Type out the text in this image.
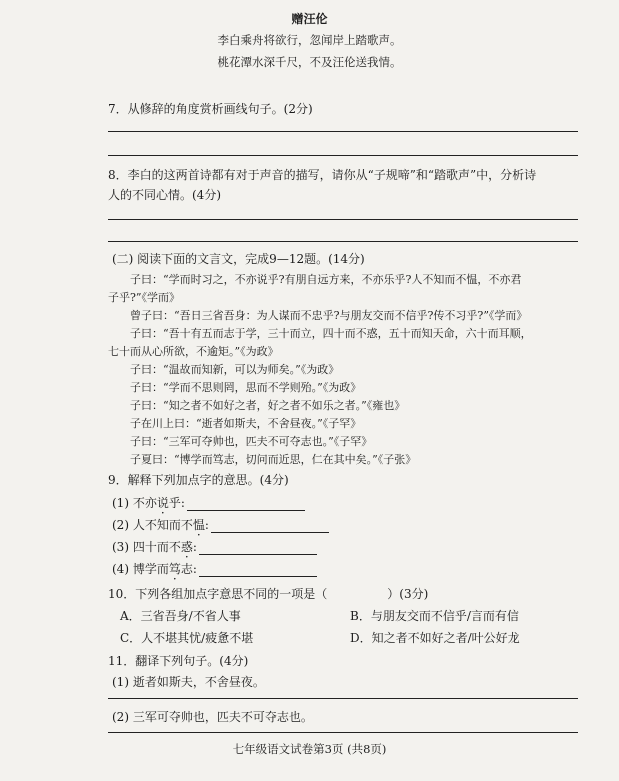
赠汪伦
李白乘舟将欲行，忽闻岸上踏歌声。
桃花潭水深千尺，不及汪伦送我情。
7．从修辞的角度赏析画线句子。(2分)
8．李白的这两首诗都有对于声音的描写，请你从“子规啼”和“踏歌声”中，分析诗
人的不同心情。(4分)
(二) 阅读下面的文言文，完成9—12题。(14分)
子曰：“学而时习之，不亦说乎?有朋自远方来，不亦乐乎?人不知而不愠，不亦君
子乎?”《学而》
曾子曰：“吾日三省吾身：为人谋而不忠乎?与朋友交而不信乎?传不习乎?”《学而》
子曰：“吾十有五而志于学，三十而立，四十而不惑，五十而知天命，六十而耳顺，
七十而从心所欲，不逾矩。”《为政》
子曰：“温故而知新，可以为师矣。”《为政》
子曰：“学而不思则罔，思而不学则殆。”《为政》
子曰：“知之者不如好之者，好之者不如乐之者。”《雍也》
子在川上曰：“逝者如斯夫，不舍昼夜。”《子罕》
子曰：“三军可夺帅也，匹夫不可夺志也。”《子罕》
子夏曰：“博学而笃志，切问而近思，仁在其中矣。”《子张》
9．解释下列加点字的意思。(4分)
(1) 不亦说乎:
(2) 人不知而不愠:
(3) 四十而不惑:
(4) 博学而笃志:
10．下列各组加点字意思不同的一项是（	）(3分)
A．三省吾身/不省人事	B．与朋友交而不信乎/言而有信
C．人不堪其忧/疲惫不堪	D．知之者不如好之者/叶公好龙
11．翻译下列句子。(4分)
(1) 逝者如斯夫，不舍昼夜。
(2) 三军可夺帅也，匹夫不可夺志也。
七年级语文试卷第3页 (共8页)
